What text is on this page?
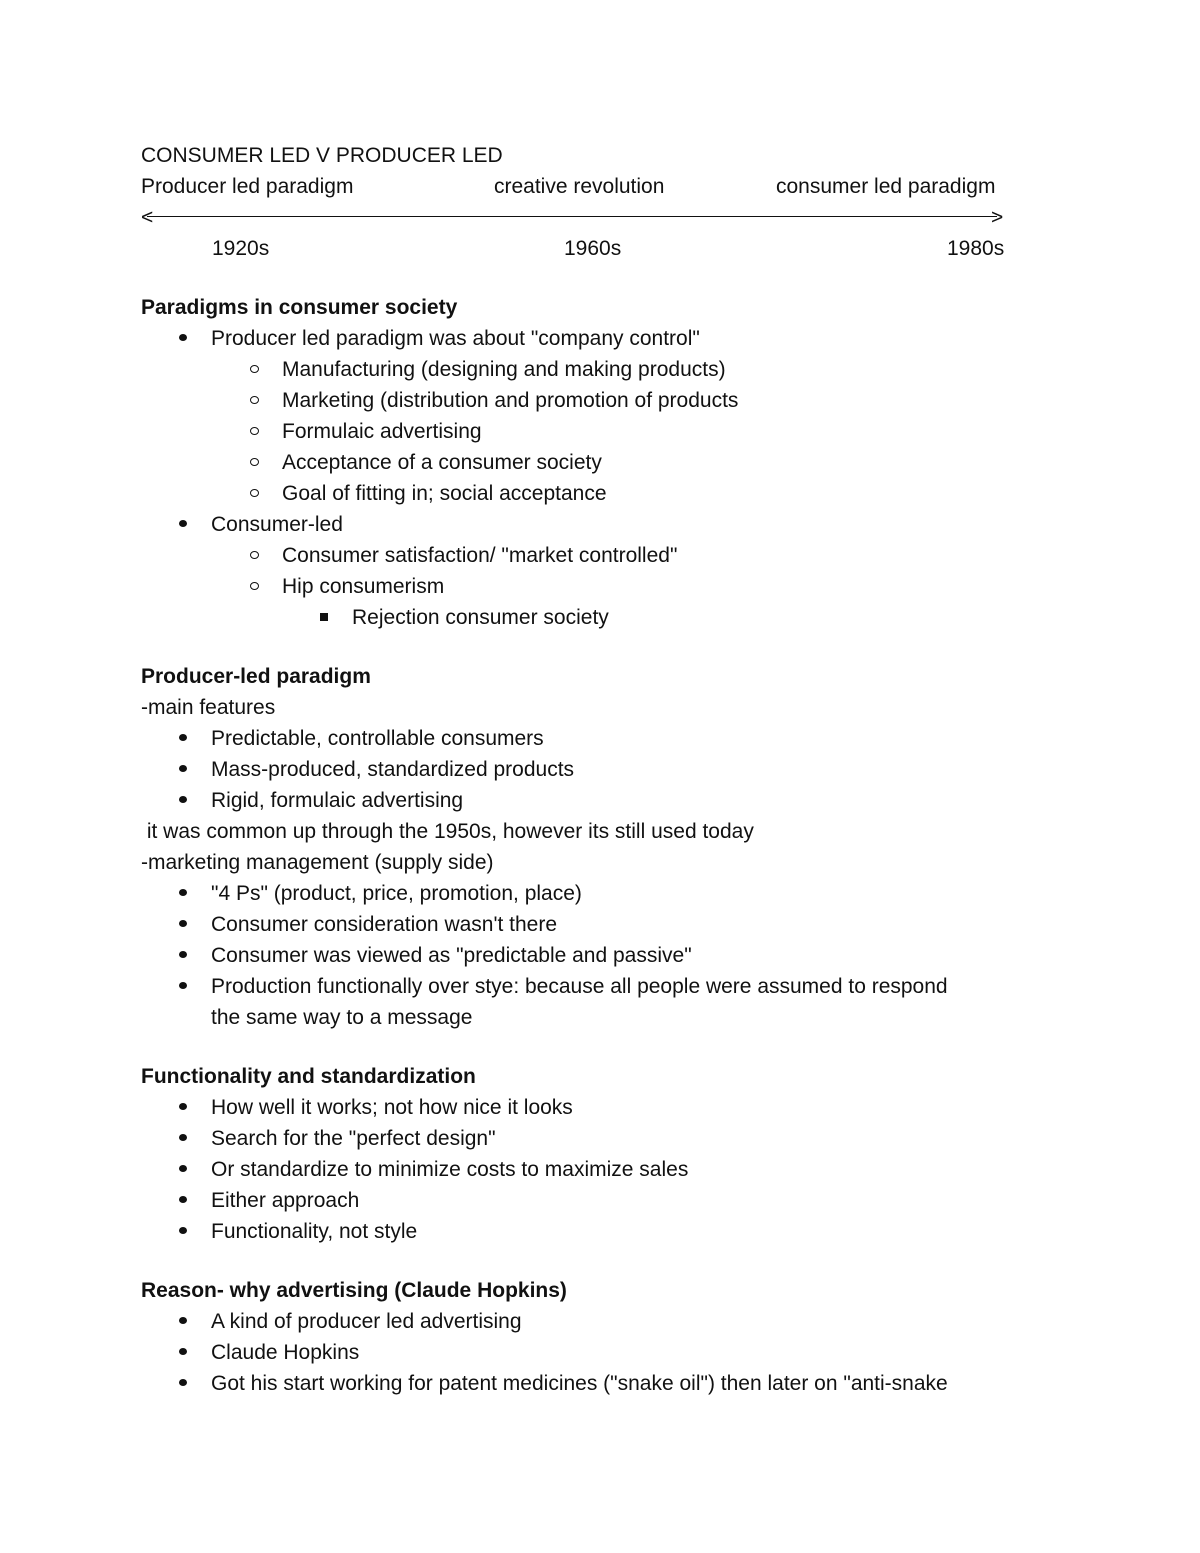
CONSUMER LED V PRODUCER LED
Producer led paradigm	creative revolution	consumer led paradigm
<	>
1920s	1960s	1980s
Paradigms in consumer society
Producer led paradigm was about "company control"
Manufacturing (designing and making products)
Marketing (distribution and promotion of products
Formulaic advertising
Acceptance of a consumer society
Goal of fitting in; social acceptance
Consumer-led
Consumer satisfaction/ "market controlled"
Hip consumerism
Rejection consumer society
Producer-led paradigm
-main features
Predictable, controllable consumers
Mass-produced, standardized products
Rigid, formulaic advertising
it was common up through the 1950s, however its still used today
-marketing management (supply side)
"4 Ps" (product, price, promotion, place)
Consumer consideration wasn't there
Consumer was viewed as "predictable and passive"
Production functionally over stye: because all people were assumed to respond
the same way to a message
Functionality and standardization
How well it works; not how nice it looks
Search for the "perfect design"
Or standardize to minimize costs to maximize sales
Either approach
Functionality, not style
Reason- why advertising (Claude Hopkins)
A kind of producer led advertising
Claude Hopkins
Got his start working for patent medicines ("snake oil") then later on "anti-snake
